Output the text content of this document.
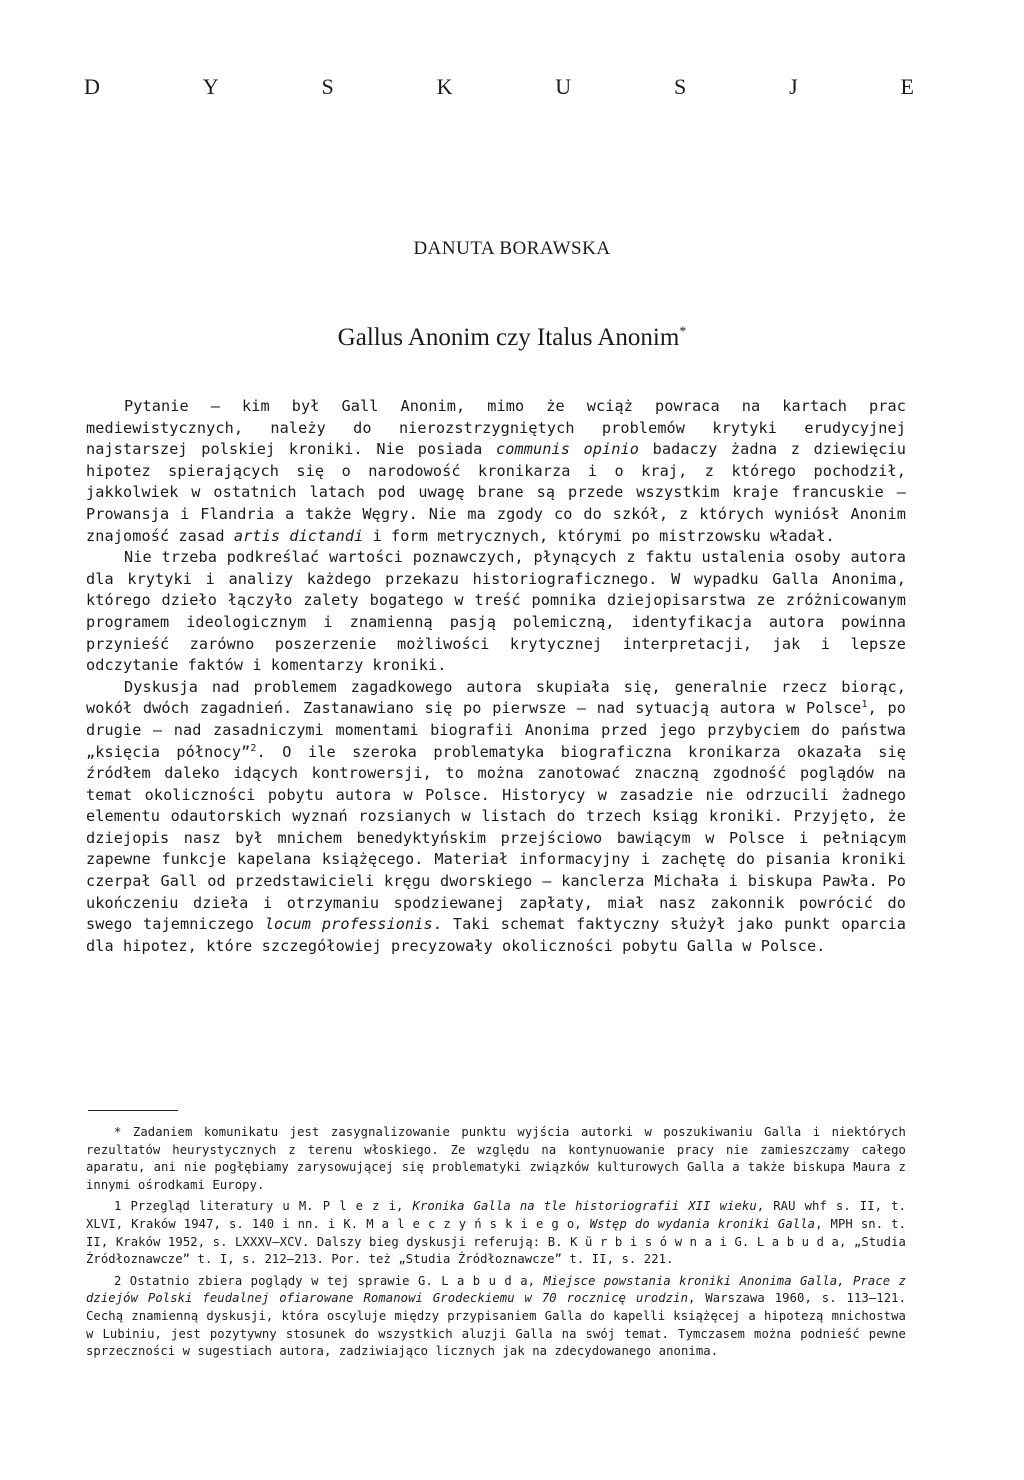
D	Y	S	K	U	S	J	E
DANUTA BORAWSKA
Gallus Anonim czy Italus Anonim*

Pytanie — kim był Gall Anonim, mimo że wciąż powraca na kartach prac mediewistycznych, należy do nierozstrzygniętych problemów krytyki erudycyjnej najstarszej polskiej kroniki. Nie posiada communis opinio badaczy żadna z dziewięciu hipotez spierających się o narodowość kronikarza i o kraj, z którego pochodził, jakkolwiek w ostatnich latach pod uwagę brane są przede wszystkim kraje francuskie — Prowansja i Flandria a także Węgry. Nie ma zgody co do szkół, z których wyniósł Anonim znajomość zasad artis dictandi i form metrycznych, którymi po mistrzowsku władał.

Nie trzeba podkreślać wartości poznawczych, płynących z faktu ustalenia osoby autora dla krytyki i analizy każdego przekazu historiograficznego. W wypadku Galla Anonima, którego dzieło łączyło zalety bogatego w treść pomnika dziejopisarstwa ze zróżnicowanym programem ideologicznym i znamienną pasją polemiczną, identyfikacja autora powinna przynieść zarówno poszerzenie możliwości krytycznej interpretacji, jak i lepsze odczytanie faktów i komentarzy kroniki.

Dyskusja nad problemem zagadkowego autora skupiała się, generalnie rzecz biorąc, wokół dwóch zagadnień. Zastanawiano się po pierwsze — nad sytuacją autora w Polsce$^1$, po drugie — nad zasadniczymi momentami biografii Anonima przed jego przybyciem do państwa „księcia północy”$^2$. O ile szeroka problematyka biograficzna kronikarza okazała się źródłem daleko idących kontrowersji, to można zanotować znaczną zgodność poglądów na temat okoliczności pobytu autora w Polsce. Historycy w zasadzie nie odrzucili żadnego elementu odautorskich wyznań rozsianych w listach do trzech ksiąg kroniki. Przyjęto, że dziejopis nasz był mnichem benedyktyńskim przejściowo bawiącym w Polsce i pełniącym zapewne funkcje kapelana książęcego. Materiał informacyjny i zachętę do pisania kroniki czerpał Gall od przedstawicieli kręgu dworskiego — kanclerza Michała i biskupa Pawła. Po ukończeniu dzieła i otrzymaniu spodziewanej zapłaty, miał nasz zakonnik powrócić do swego tajemniczego locum professionis. Taki schemat faktyczny służył jako punkt oparcia dla hipotez, które szczegółowiej precyzowały okoliczności pobytu Galla w Polsce.

* Zadaniem komunikatu jest zasygnalizowanie punktu wyjścia autorki w poszukiwaniu Galla i niektórych rezultatów heurystycznych z terenu włoskiego. Ze względu na kontynuowanie pracy nie zamieszczamy całego aparatu, ani nie pogłębiamy zarysowującej się problematyki związków kulturowych Galla a także biskupa Maura z innymi ośrodkami Europy.

1 Przegląd literatury u M. P l e z i, Kronika Galla na tle historiografii XII wieku, RAU whf s. II, t. XLVI, Kraków 1947, s. 140 i nn. i K. M a l e c z y ń s k i e g o, Wstęp do wydania kroniki Galla, MPH sn. t. II, Kraków 1952, s. LXXXV—XCV. Dalszy bieg dyskusji referują: B. K ü r b i s ó w n a i G. L a b u d a, „Studia Źródłoznawcze” t. I, s. 212—213. Por. też „Studia Źródłoznawcze” t. II, s. 221.

2 Ostatnio zbiera poglądy w tej sprawie G. L a b u d a, Miejsce powstania kroniki Anonima Galla, Prace z dziejów Polski feudalnej ofiarowane Romanowi Grodeckiemu w 70 rocznicę urodzin, Warszawa 1960, s. 113—121. Cechą znamienną dyskusji, która oscyluje między przypisaniem Galla do kapelli książęcej a hipotezą mnichostwa w Lubiniu, jest pozytywny stosunek do wszystkich aluzji Galla na swój temat. Tymczasem można podnieść pewne sprzeczności w sugestiach autora, zadziwiająco licznych jak na zdecydowanego anonima.
